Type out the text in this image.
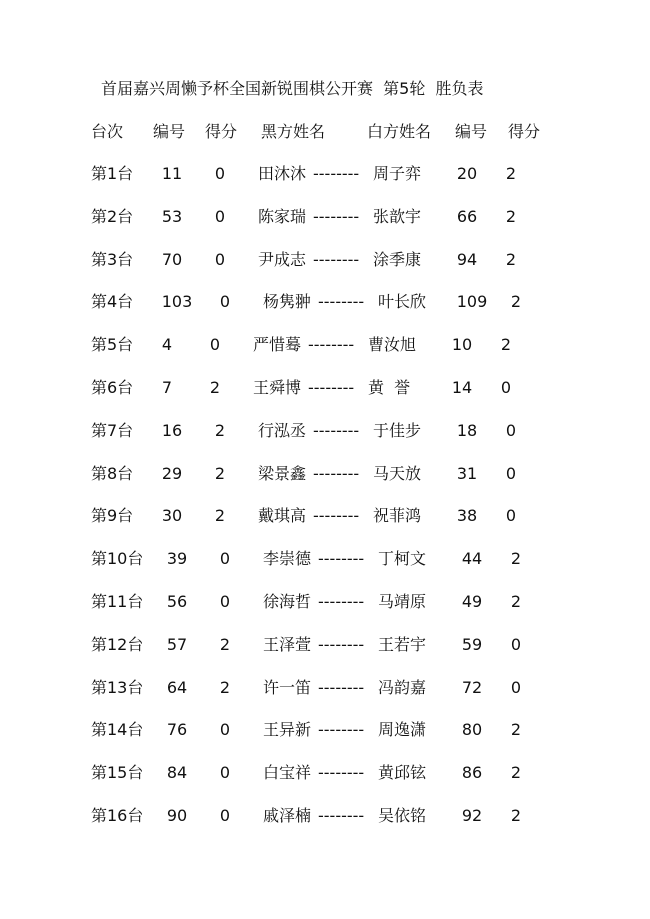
首届嘉兴周懒予杯全国新锐围棋公开赛  第5轮  胜负表
台次 编号 得分 黑方姓名	白方姓名 编号 得分
第1台	11	0	田沐沐 -------- 周子弈	20	2
第2台	53	0	陈家瑞 -------- 张歆宇	66	2
第3台	70	0	尹成志 -------- 涂季康	94	2
第4台	103	0	杨隽翀 -------- 叶长欣	109	2
第5台	4	0	严惜蓦 -------- 曹汝旭	10	2
第6台	7	2	王舜博 -------- 黄  誉	14	0
第7台	16	2	行泓丞 -------- 于佳步	18	0
第8台	29	2	梁景鑫 -------- 马天放	31	0
第9台	30	2	戴琪高 -------- 祝菲鸿	38	0
第10台	39	0	李崇德 -------- 丁柯文	44	2
第11台	56	0	徐海哲 -------- 马靖原	49	2
第12台	57	2	王泽萱 -------- 王若宇	59	0
第13台	64	2	许一笛 -------- 冯韵嘉	72	0
第14台	76	0	王异新 -------- 周逸潇	80	2
第15台	84	0	白宝祥 -------- 黄邱铉	86	2
第16台	90	0	戚泽楠 -------- 吴依铭	92	2
